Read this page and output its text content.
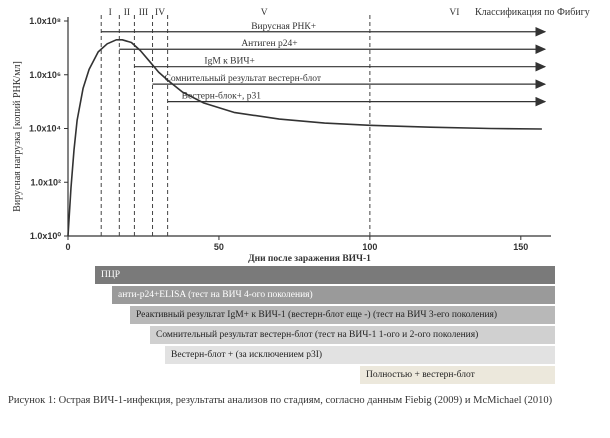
1.0x10⁰
1.0x10²
1.0x10⁴
1.0x10⁶
1.0x10⁸
0	50	100	150
Дни после заражения ВИЧ-1
Вирусная нагрузка [копий РНК/мл]
I II III IV	V	VI Классификация по Фибигу
Вирусная РНК+
Антиген р24+
IgM к ВИЧ+
Сомнительный результат вестерн-блот
Вестерн-блок+, р31
ПЦР
анти-р24+ELISA (тест на ВИЧ 4-ого поколения)
Реактивный результат IgM+ к ВИЧ-1 (вестерн-блот еще -) (тест на ВИЧ 3-его поколения)
Сомнительный результат вестерн-блот (тест на ВИЧ-1 1-ого и 2-ого поколения)
Вестерн-блот + (за исключением р3I)
Полностью + вестерн-блот
Рисунок 1: Острая ВИЧ-1-инфекция, результаты анализов по стадиям, согласно данным Fiebig (2009) и McMichael (2010)
